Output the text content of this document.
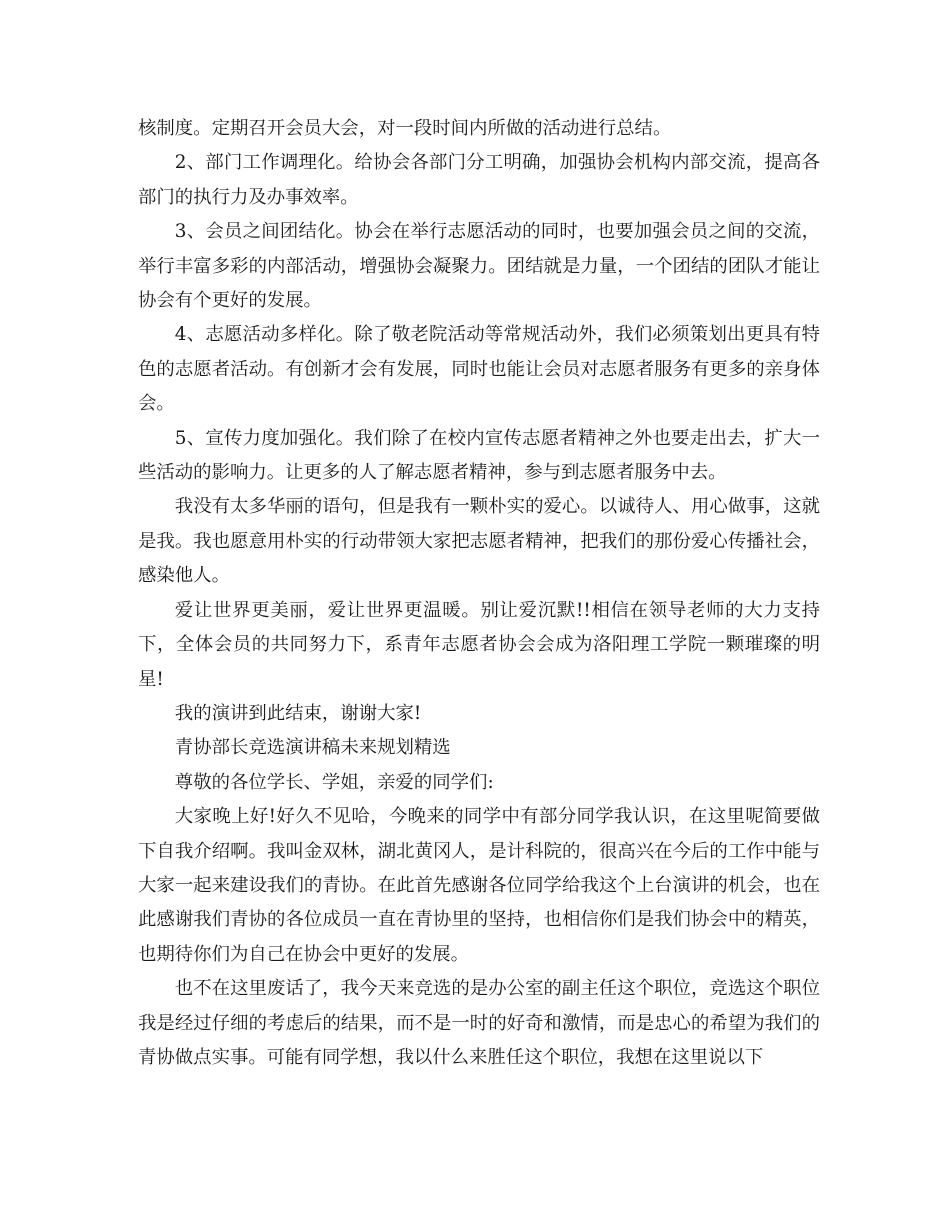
核制度。定期召开会员大会，对一段时间内所做的活动进行总结。

2、部门工作调理化。给协会各部门分工明确，加强协会机构内部交流，提高各部门的执行力及办事效率。

3、会员之间团结化。协会在举行志愿活动的同时，也要加强会员之间的交流，举行丰富多彩的内部活动，增强协会凝聚力。团结就是力量，一个团结的团队才能让协会有个更好的发展。

4、志愿活动多样化。除了敬老院活动等常规活动外，我们必须策划出更具有特色的志愿者活动。有创新才会有发展，同时也能让会员对志愿者服务有更多的亲身体会。

5、宣传力度加强化。我们除了在校内宣传志愿者精神之外也要走出去，扩大一些活动的影响力。让更多的人了解志愿者精神，参与到志愿者服务中去。

我没有太多华丽的语句，但是我有一颗朴实的爱心。以诚待人、用心做事，这就是我。我也愿意用朴实的行动带领大家把志愿者精神，把我们的那份爱心传播社会，感染他人。

爱让世界更美丽，爱让世界更温暖。别让爱沉默!!相信在领导老师的大力支持下，全体会员的共同努力下，系青年志愿者协会会成为洛阳理工学院一颗璀璨的明星!

我的演讲到此结束，谢谢大家!

青协部长竞选演讲稿未来规划精选

尊敬的各位学长、学姐，亲爱的同学们:

大家晚上好!好久不见哈，今晚来的同学中有部分同学我认识，在这里呢简要做下自我介绍啊。我叫金双林，湖北黄冈人，是计科院的，很高兴在今后的工作中能与大家一起来建设我们的青协。在此首先感谢各位同学给我这个上台演讲的机会，也在此感谢我们青协的各位成员一直在青协里的坚持，也相信你们是我们协会中的精英，也期待你们为自己在协会中更好的发展。

也不在这里废话了，我今天来竞选的是办公室的副主任这个职位，竞选这个职位我是经过仔细的考虑后的结果，而不是一时的好奇和激情，而是忠心的希望为我们的青协做点实事。可能有同学想，我以什么来胜任这个职位，我想在这里说以下
